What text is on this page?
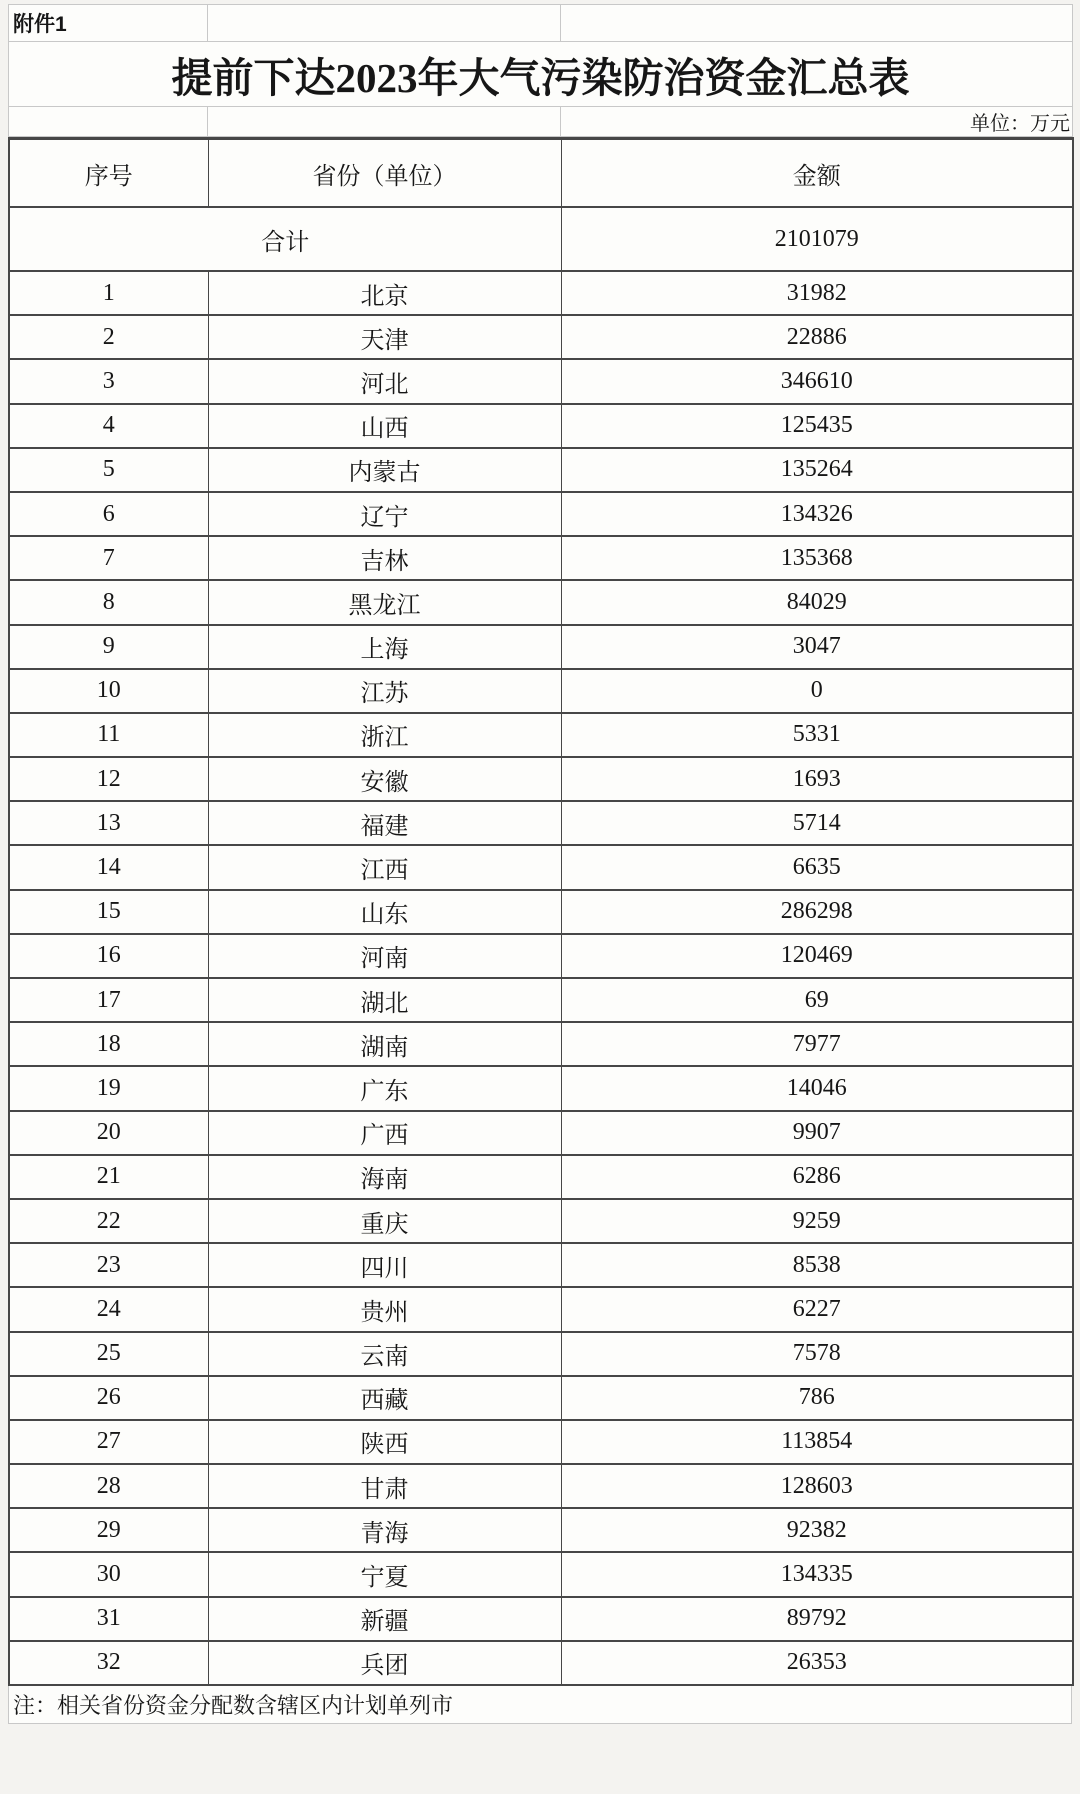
附件1		
提前下达2023年大气污染防治资金汇总表		
		单位：万元
序号	省份（单位）	金额
合计		2101079
1	北京	31982
2	天津	22886
3	河北	346610
4	山西	125435
5	内蒙古	135264
6	辽宁	134326
7	吉林	135368
8	黑龙江	84029
9	上海	3047
10	江苏	0
11	浙江	5331
12	安徽	1693
13	福建	5714
14	江西	6635
15	山东	286298
16	河南	120469
17	湖北	69
18	湖南	7977
19	广东	14046
20	广西	9907
21	海南	6286
22	重庆	9259
23	四川	8538
24	贵州	6227
25	云南	7578
26	西藏	786
27	陕西	113854
28	甘肃	128603
29	青海	92382
30	宁夏	134335
31	新疆	89792
32	兵团	26353
注：相关省份资金分配数含辖区内计划单列市
